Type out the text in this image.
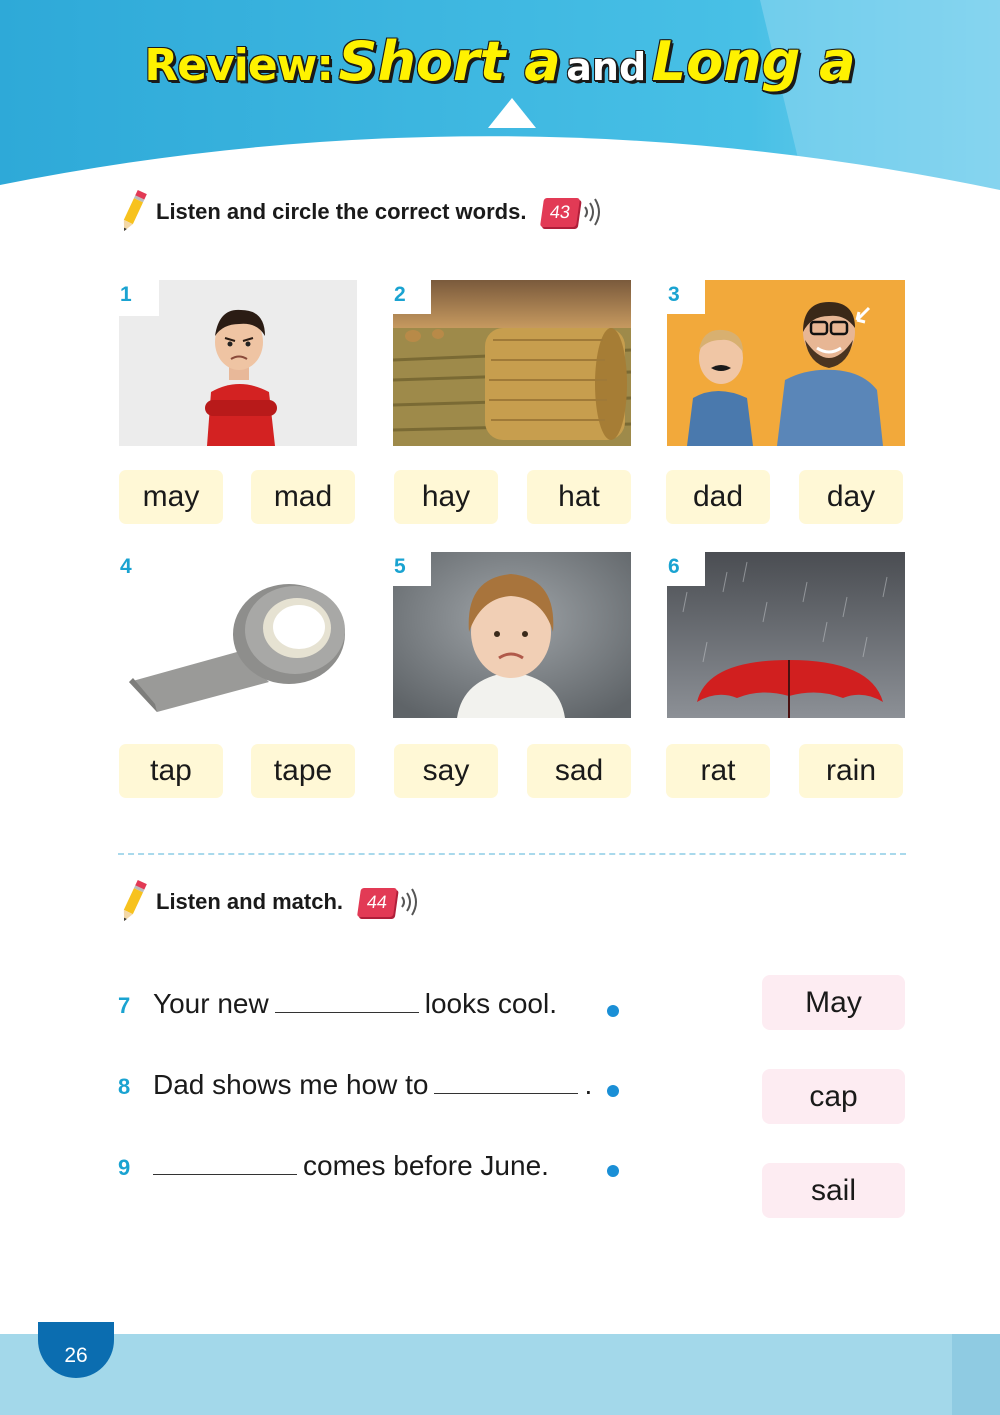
Review: Short a and Long a
Listen and circle the correct words.	43
1	2	3
4	5	6
may	mad	hay	hat	dad	day
tap	tape	say	sad	rat	rain
Listen and match.	44
7 Your new	looks cool.
8 Dad shows me how to	.
9	comes before June.
May
cap
sail
26
